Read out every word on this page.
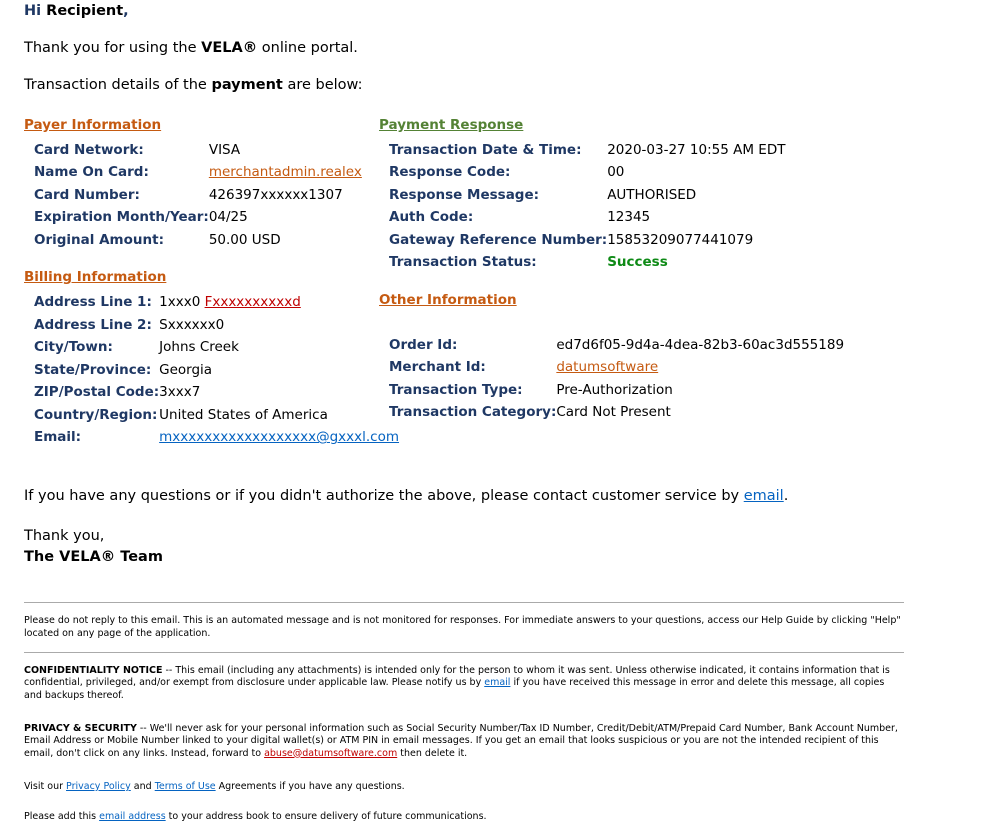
Hi Recipient,

Thank you for using the VELA® online portal.

Transaction details of the payment are below:

Payer Information
Card Network:	VISA
Name On Card:	merchantadmin.realex
Card Number:	426397xxxxxx1307
Expiration Month/Year:	04/25
Original Amount:	50.00 USD
Billing Information
Address Line 1:	1xxx0 Fxxxxxxxxxxd
Address Line 2:	Sxxxxxx0
City/Town:	Johns Creek
State/Province:	Georgia
ZIP/Postal Code:	3xxx7
Country/Region:	United States of America
Email:	mxxxxxxxxxxxxxxxxxx@gxxxl.com
Payment Response
Transaction Date & Time:	2020-03-27 10:55 AM EDT
Response Code:	00
Response Message:	AUTHORISED
Auth Code:	12345
Gateway Reference Number:	15853209077441079
Transaction Status:	Success
Other Information
Order Id:	ed7d6f05-9d4a-4dea-82b3-60ac3d555189
Merchant Id:	datumsoftware
Transaction Type:	Pre-Authorization
Transaction Category:	Card Not Present

If you have any questions or if you didn't authorize the above, please contact customer service by email.

Thank you,
The VELA® Team

Please do not reply to this email. This is an automated message and is not monitored for responses. For immediate answers to your questions, access our Help Guide by clicking "Help" located on any page of the application.

CONFIDENTIALITY NOTICE -- This email (including any attachments) is intended only for the person to whom it was sent. Unless otherwise indicated, it contains information that is confidential, privileged, and/or exempt from disclosure under applicable law. Please notify us by email if you have received this message in error and delete this message, all copies and backups thereof.

PRIVACY & SECURITY -- We'll never ask for your personal information such as Social Security Number/Tax ID Number, Credit/Debit/ATM/Prepaid Card Number, Bank Account Number, Email Address or Mobile Number linked to your digital wallet(s) or ATM PIN in email messages. If you get an email that looks suspicious or you are not the intended recipient of this email, don't click on any links. Instead, forward to abuse@datumsoftware.com then delete it.

Visit our Privacy Policy and Terms of Use Agreements if you have any questions.

Please add this email address to your address book to ensure delivery of future communications.
